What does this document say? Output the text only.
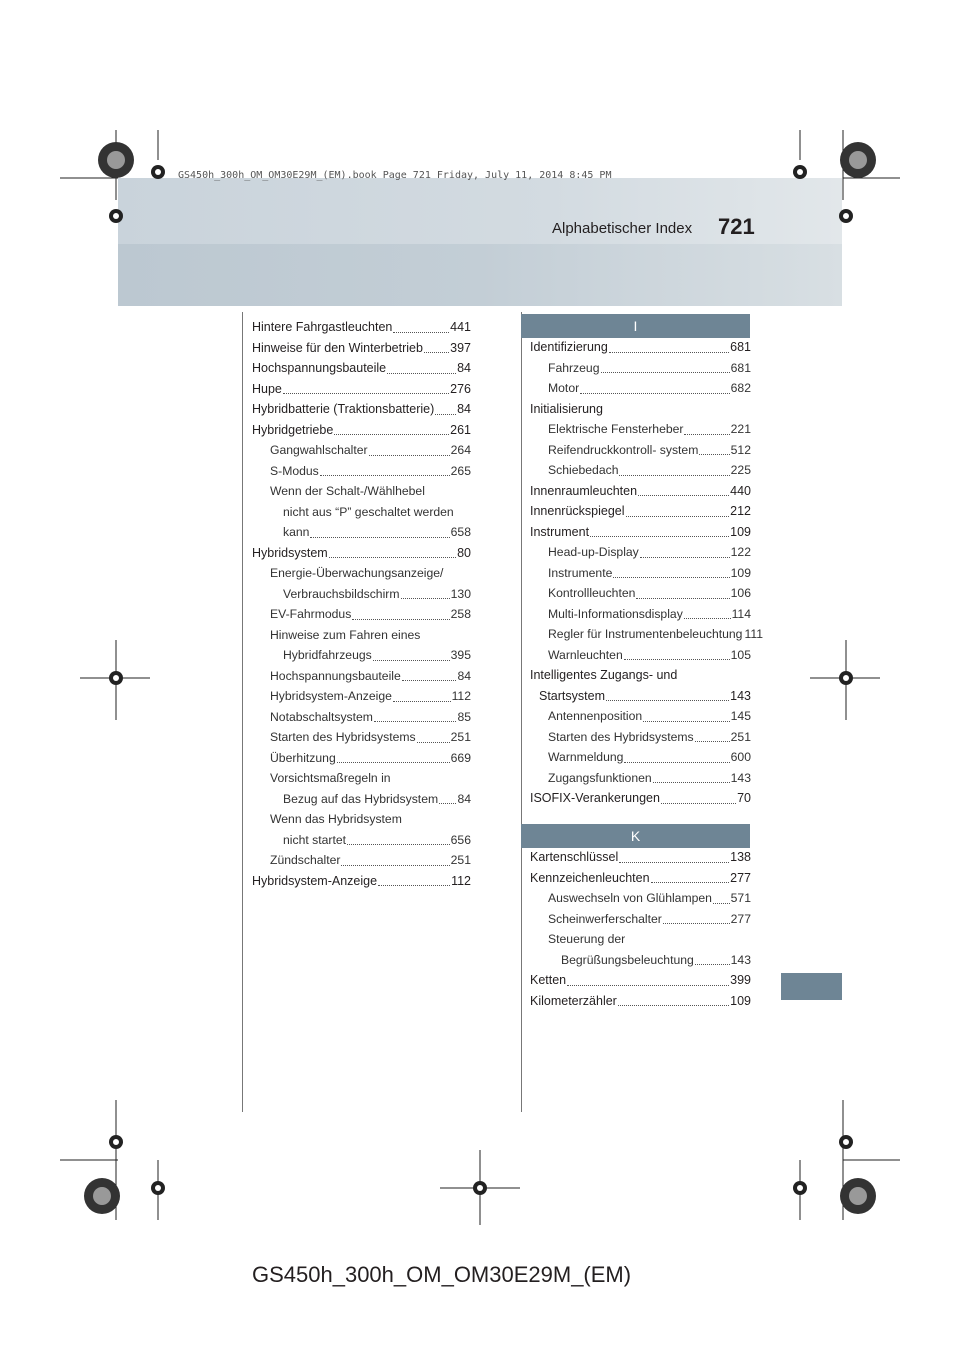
GS450h_300h_OM_OM30E29M_(EM).book Page 721 Friday, July 11, 2014 8:45 PM
Alphabetischer Index 721
Hintere Fahrgastleuchten	441
Hinweise für den Winterbetrieb 397
Hochspannungsbauteile	84
Hupe	276
Hybridbatterie (Traktionsbatterie) 84
Hybridgetriebe	261
Gangwahlschalter	264
S-Modus	265
Wenn der Schalt-/Wählhebel
nicht aus “P” geschaltet werden
kann	658
Hybridsystem	80
Energie-Überwachungsanzeige/
Verbrauchsbildschirm	130
EV-Fahrmodus	258
Hinweise zum Fahren eines
Hybridfahrzeugs	395
Hochspannungsbauteile	84
Hybridsystem-Anzeige	112
Notabschaltsystem	85
Starten des Hybridsystems	251
Überhitzung	669
Vorsichtsmaßregeln in
Bezug auf das Hybridsystem 84
Wenn das Hybridsystem
nicht startet	656
Zündschalter	251
Hybridsystem-Anzeige	112
I
Identifizierung	681
Fahrzeug	681
Motor	682
Initialisierung
Elektrische Fensterheber	221
Reifendruckkontroll- system	512
Schiebedach	225
Innenraumleuchten	440
Innenrückspiegel	212
Instrument	109
Head-up-Display	122
Instrumente	109
Kontrollleuchten	106
Multi-Informationsdisplay	114
Regler für Instrumentenbeleuchtung 111
Warnleuchten	105
Intelligentes Zugangs- und
Startsystem	143
Antennenposition	145
Starten des Hybridsystems	251
Warnmeldung	600
Zugangsfunktionen	143
ISOFIX-Verankerungen	70
K
Kartenschlüssel	138
Kennzeichenleuchten	277
Auswechseln von Glühlampen 571
Scheinwerferschalter	277
Steuerung der
Begrüßungsbeleuchtung	143
Ketten	399
Kilometerzähler	109
GS450h_300h_OM_OM30E29M_(EM)
